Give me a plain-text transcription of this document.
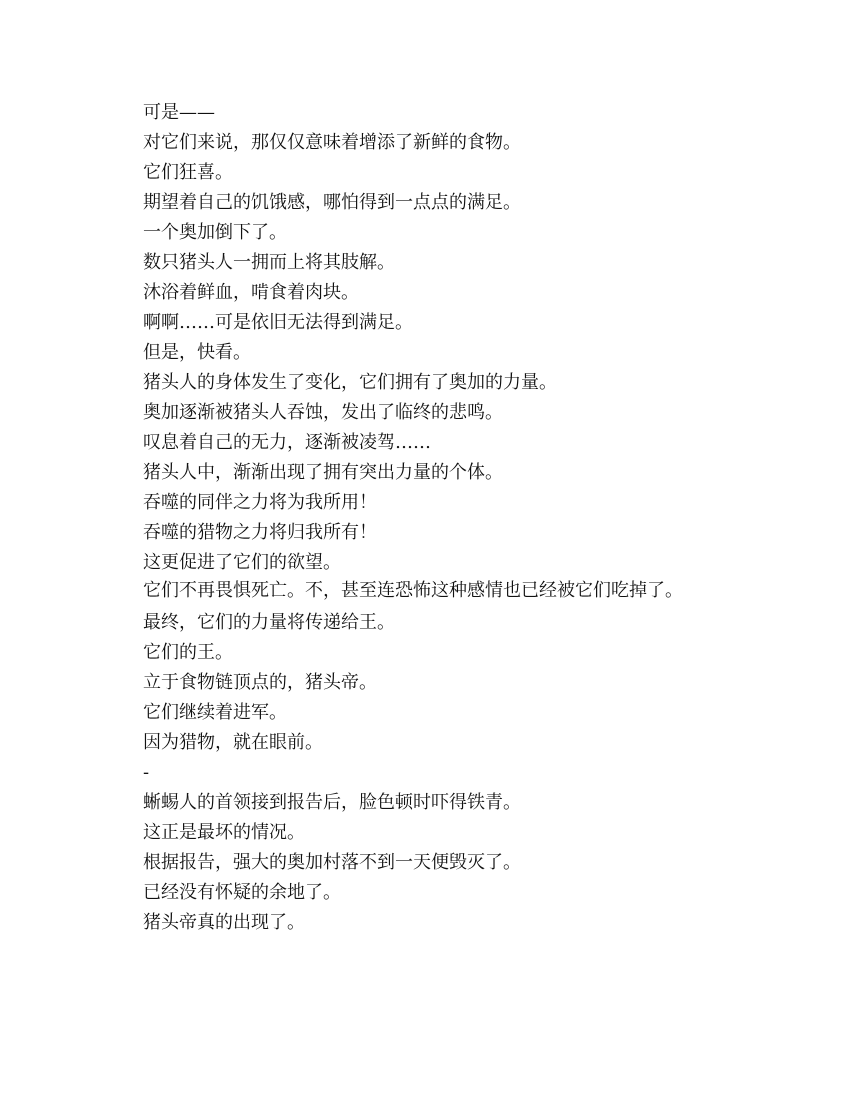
可是——

对它们来说，那仅仅意味着增添了新鲜的食物。

它们狂喜。

期望着自己的饥饿感，哪怕得到一点点的满足。

一个奥加倒下了。

数只猪头人一拥而上将其肢解。

沐浴着鲜血，啃食着肉块。

啊啊……可是依旧无法得到满足。

但是，快看。

猪头人的身体发生了变化，它们拥有了奥加的力量。

奥加逐渐被猪头人吞蚀，发出了临终的悲鸣。

叹息着自己的无力，逐渐被凌驾……

猪头人中，渐渐出现了拥有突出力量的个体。

吞噬的同伴之力将为我所用！

吞噬的猎物之力将归我所有！

这更促进了它们的欲望。

它们不再畏惧死亡。不，甚至连恐怖这种感情也已经被它们吃掉了。

最终，它们的力量将传递给王。

它们的王。

立于食物链顶点的，猪头帝。

它们继续着进军。

因为猎物，就在眼前。

-

蜥蜴人的首领接到报告后，脸色顿时吓得铁青。

这正是最坏的情况。

根据报告，强大的奥加村落不到一天便毁灭了。

已经没有怀疑的余地了。

猪头帝真的出现了。
